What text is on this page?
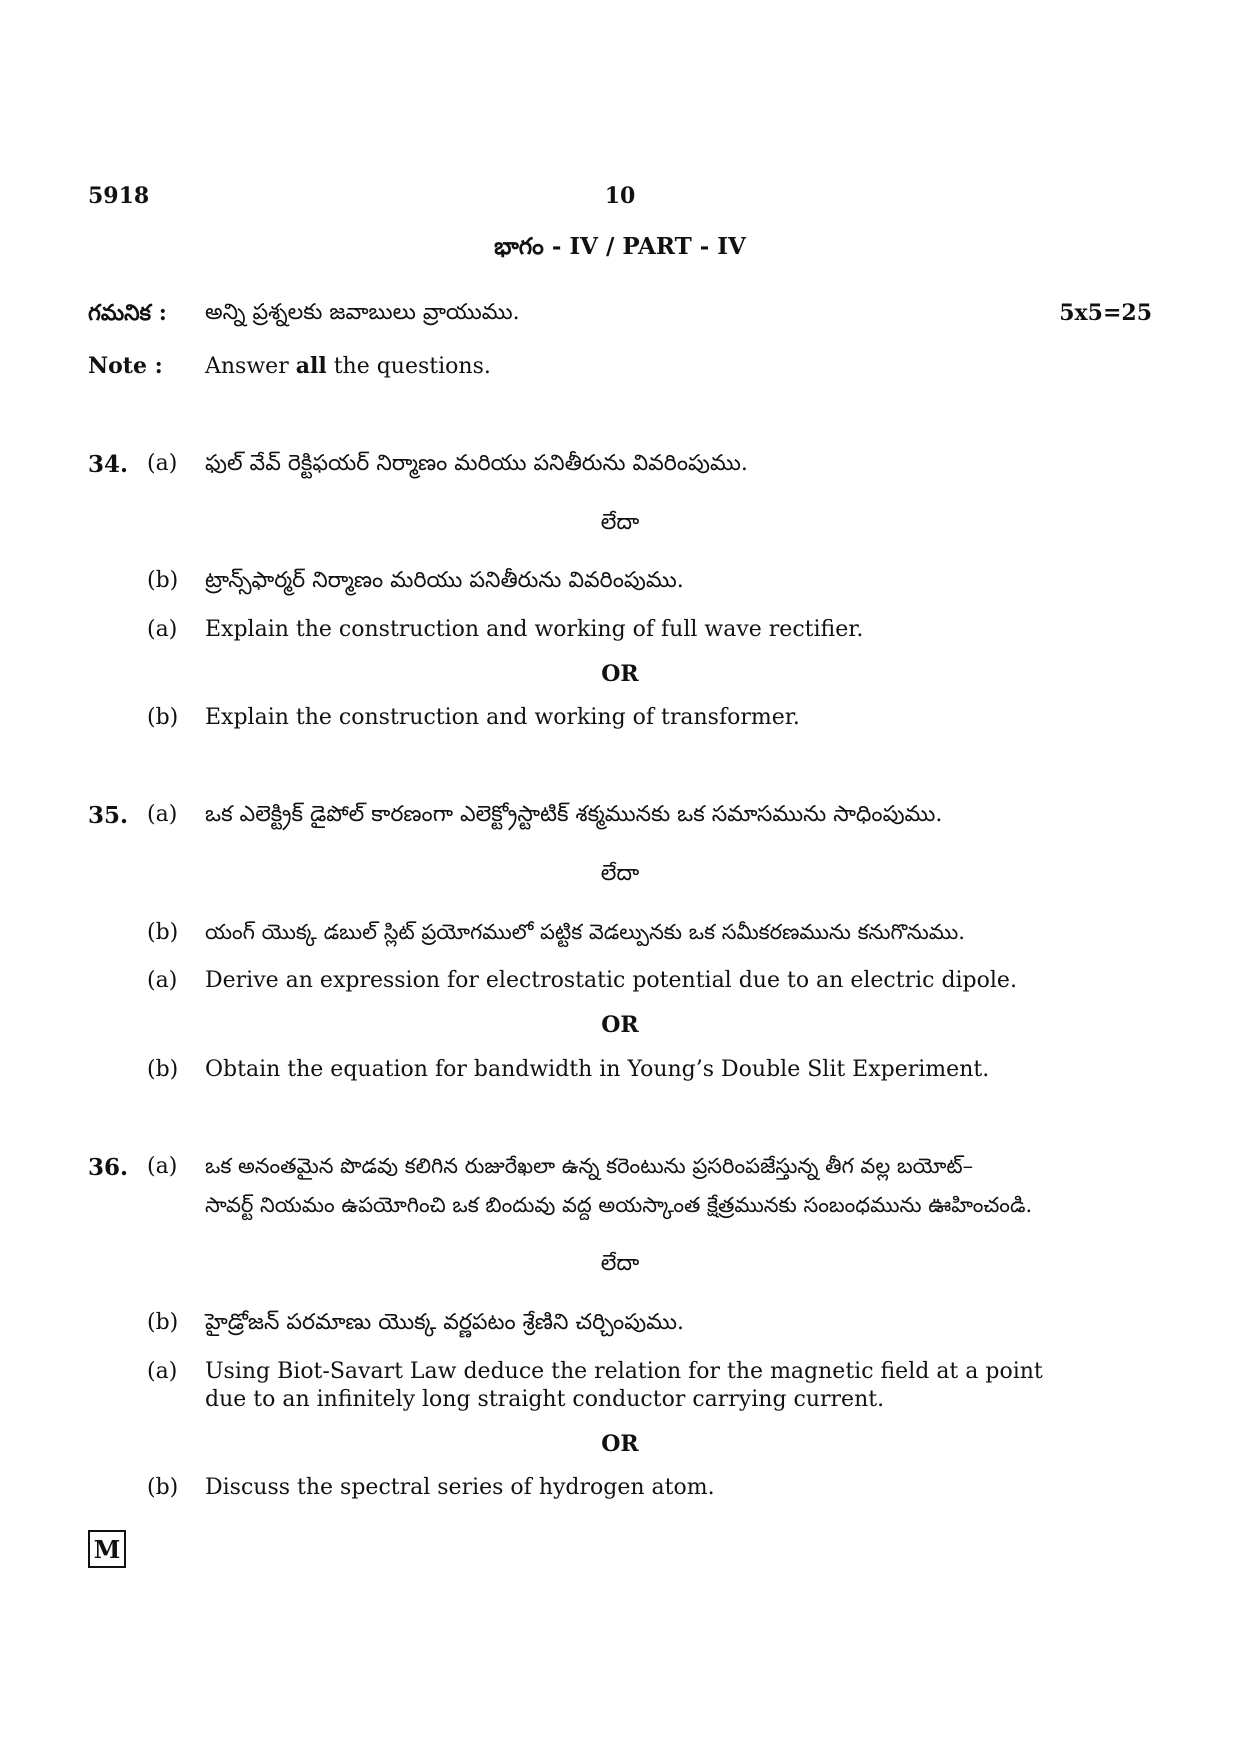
5918	10
భాగం - IV / PART - IV
గమనిక : అన్ని ప్రశ్నలకు జవాబులు వ్రాయుము.	5x5=25
Note : Answer all the questions.
34. (a) ఫుల్ వేవ్ రెక్టిఫయర్ నిర్మాణం మరియు పనితీరును వివరింపుము.
లేదా
(b) ట్రాన్స్‌ఫార్మర్ నిర్మాణం మరియు పనితీరును వివరింపుము.
(a) Explain the construction and working of full wave rectifier.
OR
(b) Explain the construction and working of transformer.
35. (a) ఒక ఎలెక్ట్రిక్ డైపోల్ కారణంగా ఎలెక్ట్రోస్టాటిక్ శక్మమునకు ఒక సమాసమును సాధింపుము.
లేదా
(b) యంగ్ యొక్క డబుల్ స్లిట్ ప్రయోగములో పట్టిక వెడల్పునకు ఒక సమీకరణమును కనుగొనుము.
(a) Derive an expression for electrostatic potential due to an electric dipole.
OR
(b) Obtain the equation for bandwidth in Young’s Double Slit Experiment.
36. (a) ఒక అనంతమైన పొడవు కలిగిన రుజురేఖలా ఉన్న కరెంటును ప్రసరింపజేస్తున్న తీగ వల్ల బయోట్–
సావర్ట్ నియమం ఉపయోగించి ఒక బిందువు వద్ద అయస్కాంత క్షేత్రమునకు సంబంధమును ఊహించండి.
లేదా
(b) హైడ్రోజన్ పరమాణు యొక్క వర్ణపటం శ్రేణిని చర్చింపుము.
(a) Using Biot-Savart Law deduce the relation for the magnetic field at a point
due to an infinitely long straight conductor carrying current.
OR
(b) Discuss the spectral series of hydrogen atom.
M
